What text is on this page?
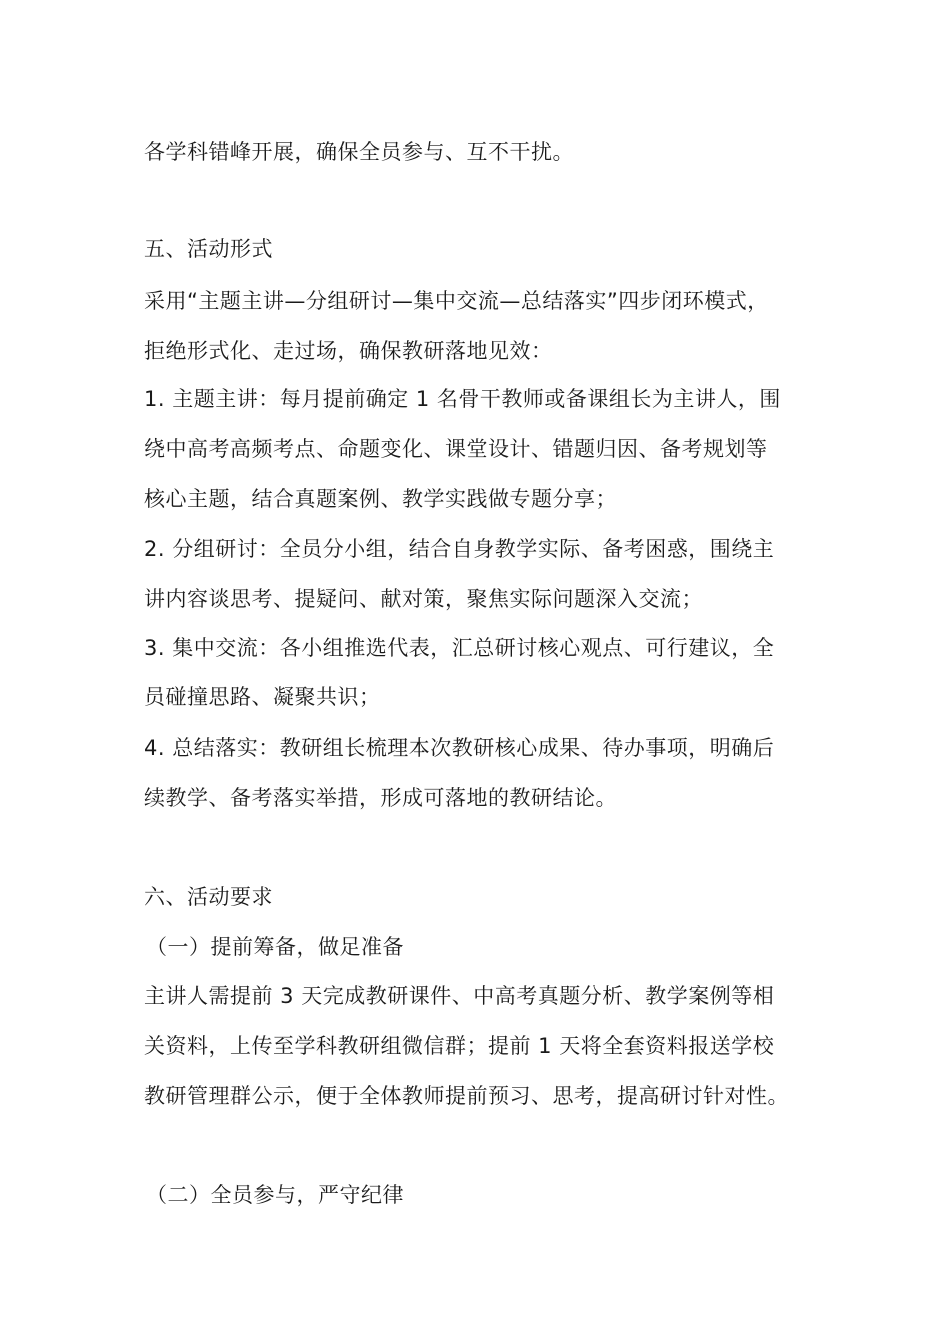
各学科错峰开展，确保全员参与、互不干扰。
五、活动形式
采用“主题主讲—分组研讨—集中交流—总结落实”四步闭环模式，
拒绝形式化、走过场，确保教研落地见效：
1. 主题主讲：每月提前确定 1 名骨干教师或备课组长为主讲人，围
绕中高考高频考点、命题变化、课堂设计、错题归因、备考规划等
核心主题，结合真题案例、教学实践做专题分享；
2. 分组研讨：全员分小组，结合自身教学实际、备考困惑，围绕主
讲内容谈思考、提疑问、献对策，聚焦实际问题深入交流；
3. 集中交流：各小组推选代表，汇总研讨核心观点、可行建议，全
员碰撞思路、凝聚共识；
4. 总结落实：教研组长梳理本次教研核心成果、待办事项，明确后
续教学、备考落实举措，形成可落地的教研结论。
六、活动要求
（一）提前筹备，做足准备
主讲人需提前 3 天完成教研课件、中高考真题分析、教学案例等相
关资料，上传至学科教研组微信群；提前 1 天将全套资料报送学校
教研管理群公示，便于全体教师提前预习、思考，提高研讨针对性。
（二）全员参与，严守纪律
